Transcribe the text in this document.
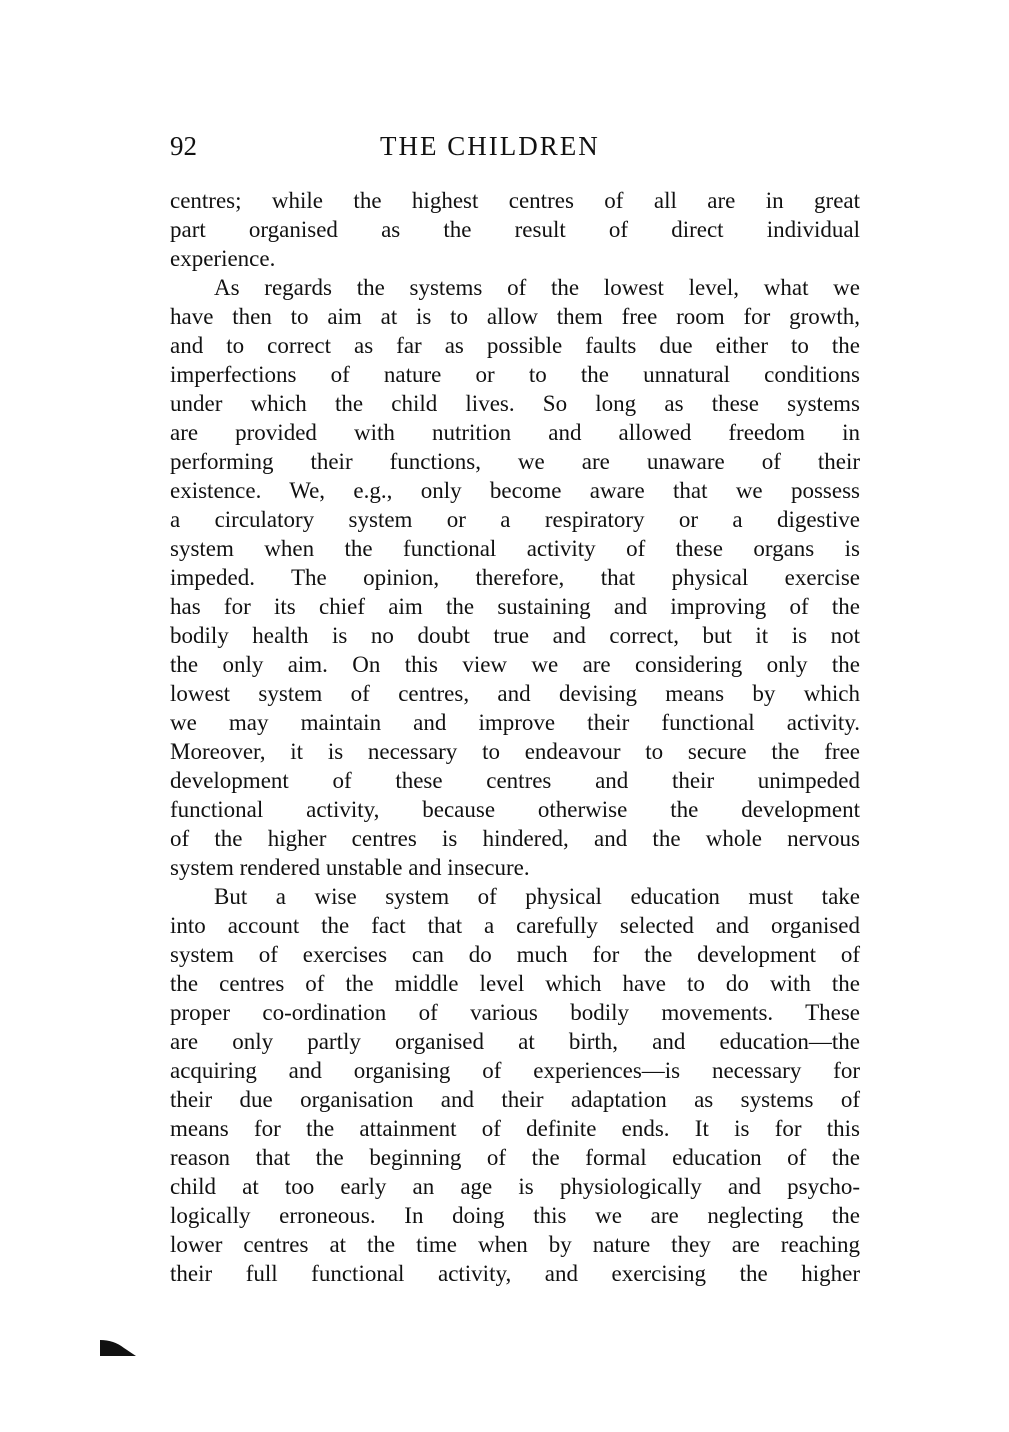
92	THE CHILDREN
centres; while the highest centres of all are in great
part organised as the result of direct individual
experience.
As regards the systems of the lowest level, what we
have then to aim at is to allow them free room for growth,
and to correct as far as possible faults due either to the
imperfections of nature or to the unnatural conditions
under which the child lives. So long as these systems
are provided with nutrition and allowed freedom in
performing their functions, we are unaware of their
existence. We, e.g., only become aware that we possess
a circulatory system or a respiratory or a digestive
system when the functional activity of these organs is
impeded. The opinion, therefore, that physical exercise
has for its chief aim the sustaining and improving of the
bodily health is no doubt true and correct, but it is not
the only aim. On this view we are considering only the
lowest system of centres, and devising means by which
we may maintain and improve their functional activity.
Moreover, it is necessary to endeavour to secure the free
development of these centres and their unimpeded
functional activity, because otherwise the development
of the higher centres is hindered, and the whole nervous
system rendered unstable and insecure.
But a wise system of physical education must take
into account the fact that a carefully selected and organised
system of exercises can do much for the development of
the centres of the middle level which have to do with the
proper co-ordination of various bodily movements. These
are only partly organised at birth, and education—the
acquiring and organising of experiences—is necessary for
their due organisation and their adaptation as systems of
means for the attainment of definite ends. It is for this
reason that the beginning of the formal education of the
child at too early an age is physiologically and psycho-
logically erroneous. In doing this we are neglecting the
lower centres at the time when by nature they are reaching
their full functional activity, and exercising the higher
